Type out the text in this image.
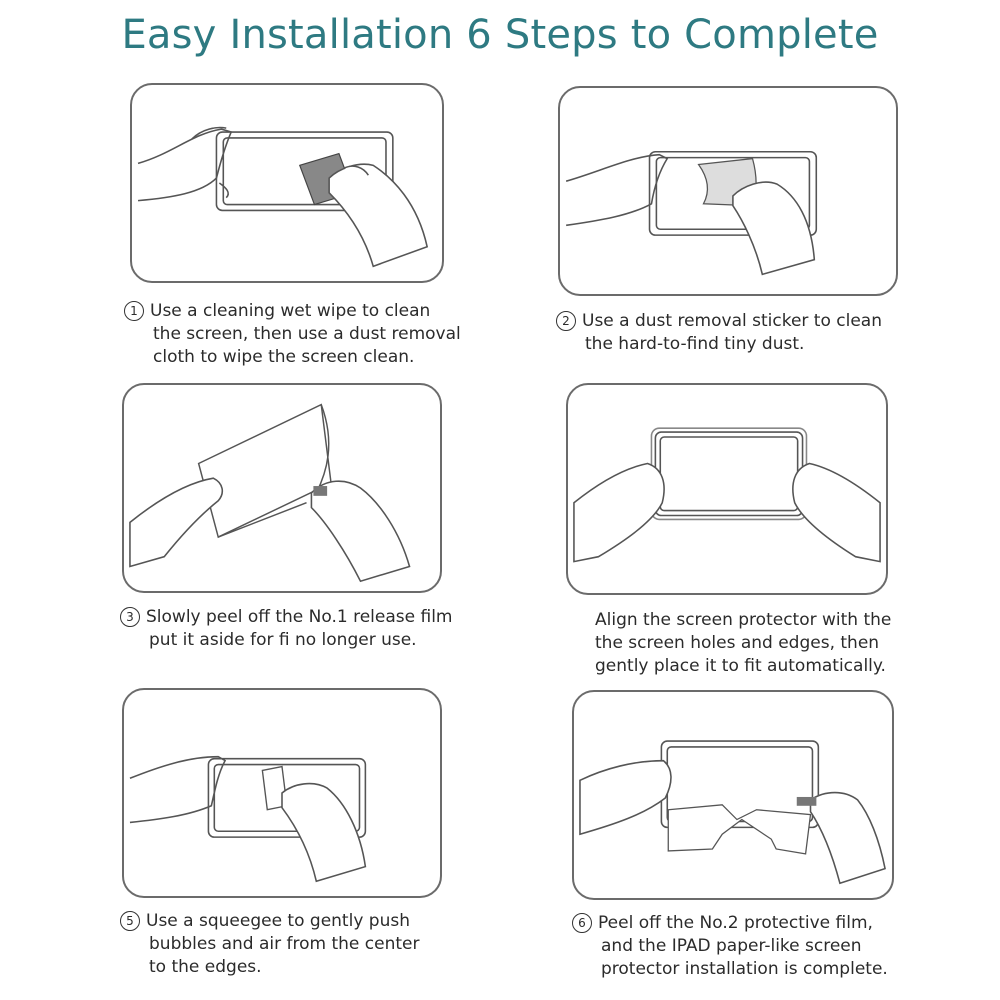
Easy Installation 6 Steps to Complete
1 Use a cleaning wet wipe to clean
the screen, then use a dust removal
cloth to wipe the screen clean.
2 Use a dust removal sticker to clean
the hard-to-find tiny dust.
3 Slowly peel off the No.1 release film
put it aside for fi no longer use.
Align the screen protector with the
the screen holes and edges, then
gently place it to fit automatically.
5 Use a squeegee to gently push
bubbles and air from the center
to the edges.
6 Peel off the No.2 protective film,
and the IPAD paper-like screen
protector installation is complete.
